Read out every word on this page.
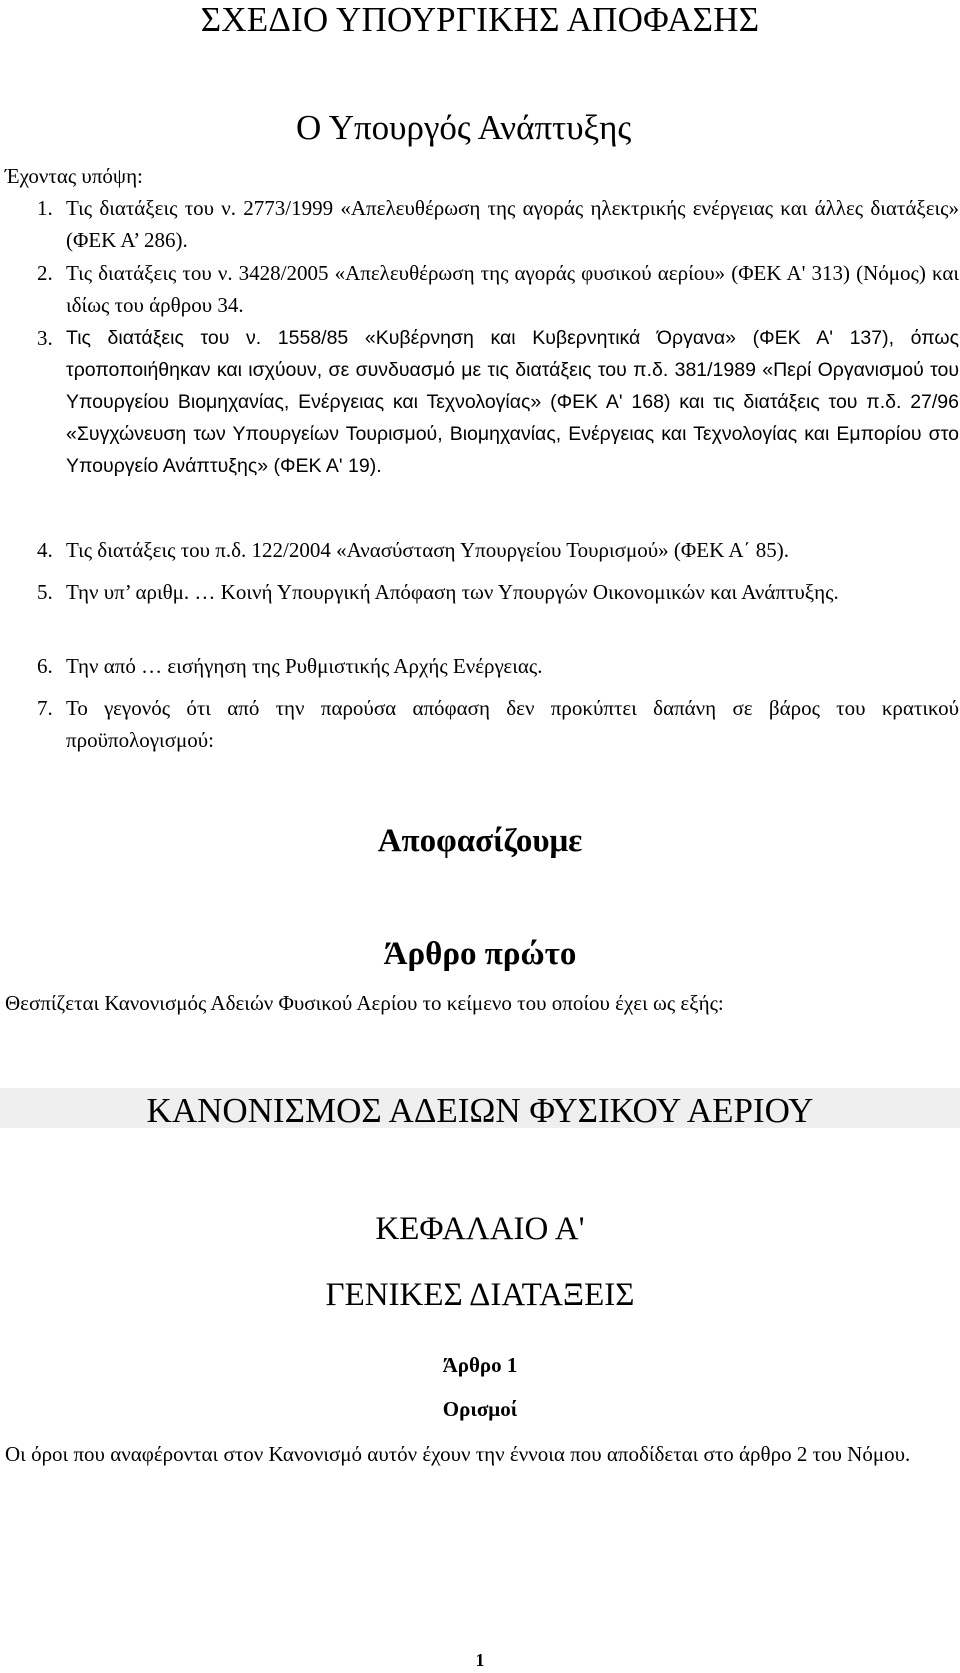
ΣΧΕΔΙΟ ΥΠΟΥΡΓΙΚΗΣ ΑΠΟΦΑΣΗΣ
Ο Υπουργός Ανάπτυξης
Έχοντας υπόψη:
1. Τις διατάξεις του ν. 2773/1999 «Απελευθέρωση της αγοράς ηλεκτρικής ενέργειας και άλλες διατάξεις» (ΦΕΚ Α’ 286).
2. Τις διατάξεις του ν. 3428/2005 «Απελευθέρωση της αγοράς φυσικού αερίου» (ΦΕΚ Α' 313) (Νόμος) και ιδίως του άρθρου 34.
3. Τις διατάξεις του ν. 1558/85 «Κυβέρνηση και Κυβερνητικά Όργανα» (ΦΕΚ Α' 137), όπως τροποποιήθηκαν και ισχύουν, σε συνδυασμό με τις διατάξεις του π.δ. 381/1989 «Περί Οργανισμού του Υπουργείου Βιομηχανίας, Ενέργειας και Τεχνολογίας» (ΦΕΚ Α' 168) και τις διατάξεις του π.δ. 27/96 «Συγχώνευση των Υπουργείων Τουρισμού, Βιομηχανίας, Ενέργειας και Τεχνολογίας και Εμπορίου στο Υπουργείο Ανάπτυξης» (ΦΕΚ Α' 19).
4. Τις διατάξεις του π.δ. 122/2004 «Ανασύσταση Υπουργείου Τουρισμού» (ΦΕΚ Α΄ 85).
5. Την υπ’ αριθμ. … Κοινή Υπουργική Απόφαση των Υπουργών Οικονομικών και Ανάπτυξης.
6. Την από … εισήγηση της Ρυθμιστικής Αρχής Ενέργειας.
7. Το γεγονός ότι από την παρούσα απόφαση δεν προκύπτει δαπάνη σε βάρος του κρατικού προϋπολογισμού:
Αποφασίζουμε
Άρθρο πρώτο
Θεσπίζεται Κανονισμός Αδειών Φυσικού Αερίου το κείμενο του οποίου έχει ως εξής:
ΚΑΝΟΝΙΣΜΟΣ ΑΔΕΙΩΝ ΦΥΣΙΚΟΥ ΑΕΡΙΟΥ
ΚΕΦΑΛΑΙΟ Α'
ΓΕΝΙΚΕΣ ΔΙΑΤΑΞΕΙΣ
Άρθρο 1
Ορισμοί
Οι όροι που αναφέρονται στον Κανονισμό αυτόν έχουν την έννοια που αποδίδεται στο άρθρο 2 του Νόμου.
1
